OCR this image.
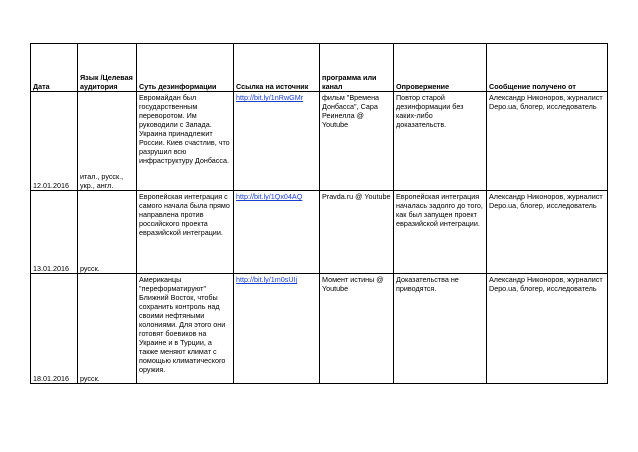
Дата	Язык /Целевая аудитория	Суть дезинформации	Ссылка на источник	программа или канал	Опровержение	Сообщение получено от
12.01.2016	итал., русск., укр., англ.	Евромайдан был государственным переворотом. Им руководили с Запада. Украина принадлежит России. Киев счастлив, что разрушил всю инфраструктуру Донбасса.	http://bit.ly/1nRwGMr	фильм "Времена Донбасса", Сара Реинелла @ Youtube	Повтор старой дезинформации без каких-либо доказательств.	Александр Никоноров, журналист Depo.ua, блогер, исследователь
13.01.2016	русск.	Европейская интеграция с самого начала была прямо направлена против российского проекта евразийской интеграции.	http://bit.ly/1Qx04AQ	Pravda.ru @ Youtube	Европейская интеграция началась задолго до того, как был запущен проект евразийской интеграции.	Александр Никоноров, журналист Depo.ua, блогер, исследователь
18.01.2016	русск.	Американцы "переформатируют" Ближний Восток, чтобы сохранить контроль над своими нефтяными колониями. Для этого они готовят боевиков на Украине и в Турции, а также меняют климат с помощью климатического оружия.	http://bit.ly/1m0sUIj	Момент истины @ Youtube	Доказательства не приводятся.	Александр Никоноров, журналист Depo.ua, блогер, исследователь
